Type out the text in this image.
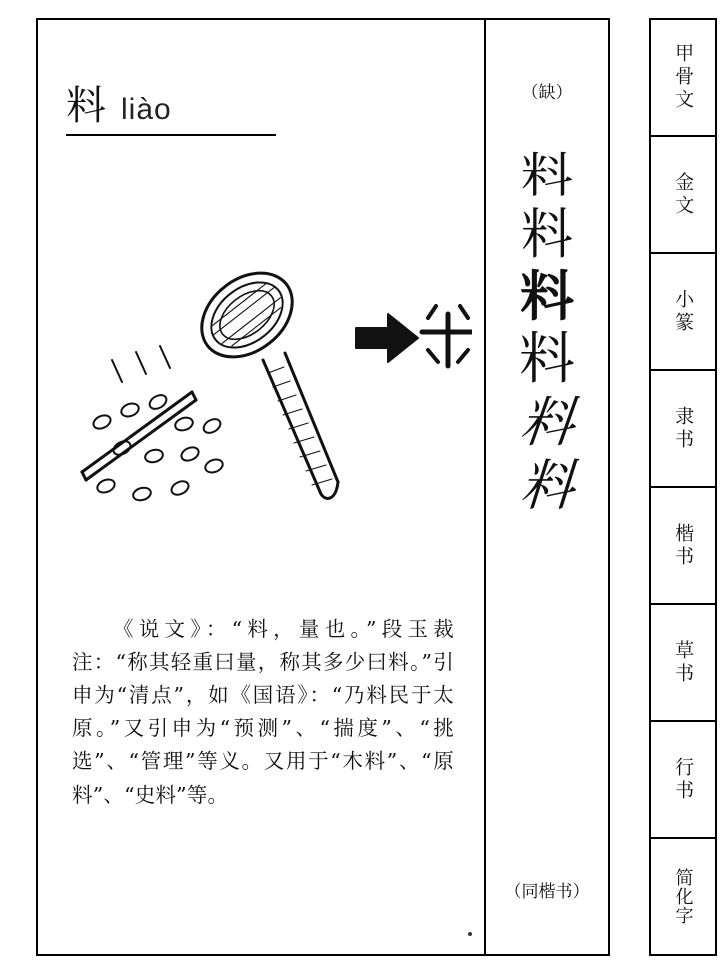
料 liào

《说文》：“料，量也。”段玉裁注：“称其轻重曰量，称其多少曰料。”引申为“清点”，如《国语》：“乃料民于太原。”又引申为“预测”、“揣度”、“挑选”、“管理”等义。又用于“木料”、“原料”、“史料”等。

（缺）
料
料
料
料
料
料
（同楷书）
甲骨文
金文
小篆
隶书
楷书
草书
行书
简化字
